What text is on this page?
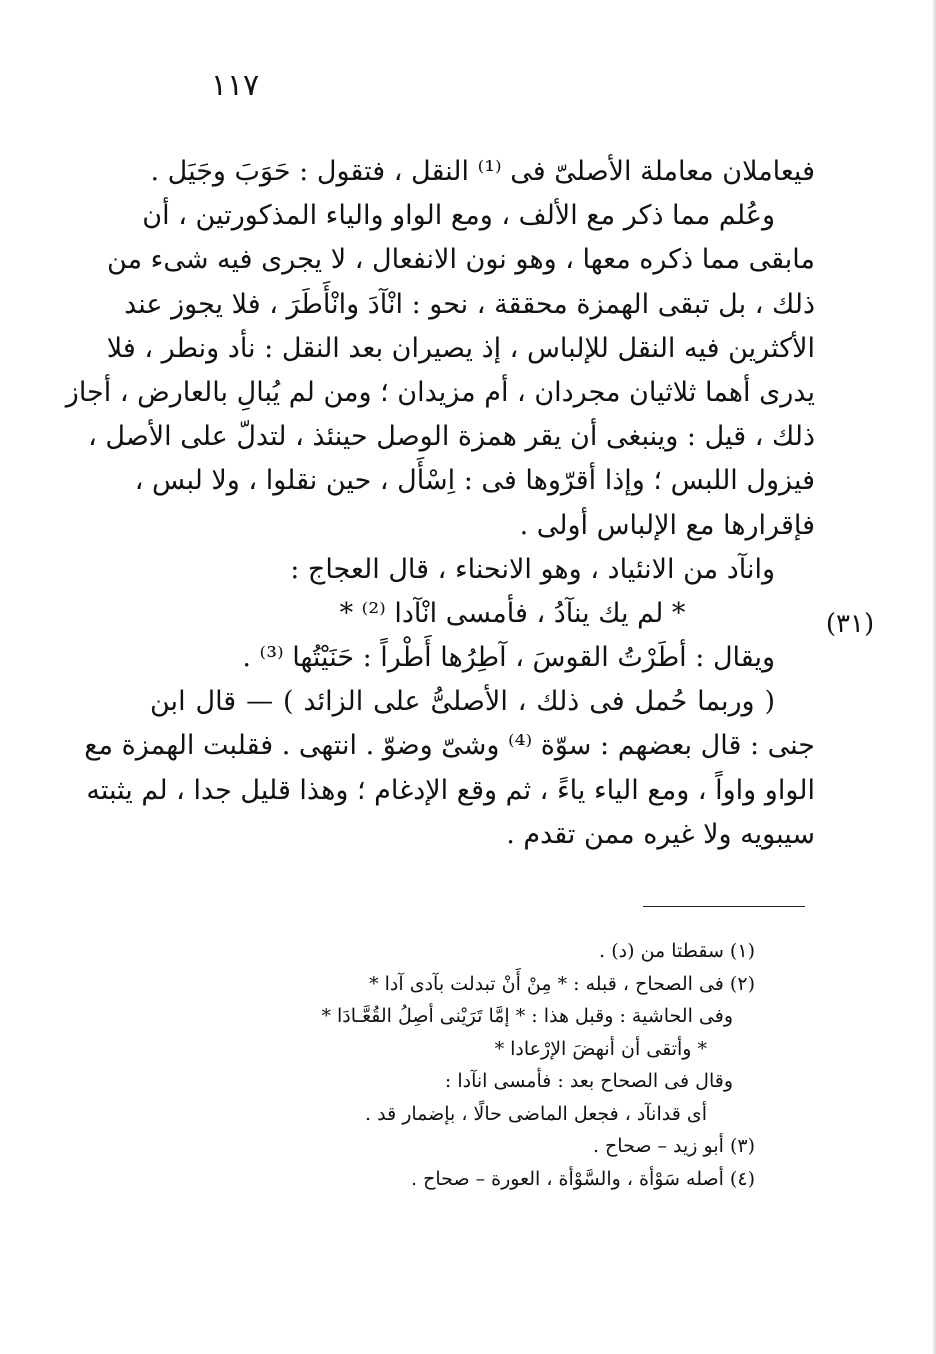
١١٧
فيعاملان معاملة الأصلىّ فى ⁽¹⁾ النقل ، فتقول : حَوَبَ وجَيَل .
وعُلم مما ذكر مع الألف ، ومع الواو والياء المذكورتين ، أن
مابقى مما ذكره معها ، وهو نون الانفعال ، لا يجرى فيه شىء من
ذلك ، بل تبقى الهمزة محققة ، نحو : انْآدَ وانْأَطَرَ ، فلا يجوز عند
الأكثرين فيه النقل للإلباس ، إذ يصيران بعد النقل : نأد ونطر ، فلا
يدرى أهما ثلاثيان مجردان ، أم مزيدان ؛ ومن لم يُبالِ بالعارض ، أجاز
ذلك ، قيل : وينبغى أن يقر همزة الوصل حينئذ ، لتدلّ على الأصل ،
فيزول اللبس ؛ وإذا أقرّوها فى : اِسْأَل ، حين نقلوا ، ولا لبس ،
فإقرارها مع الإلباس أولى .
وانآد من الانئياد ، وهو الانحناء ، قال العجاج :
* لم يك ينآدُ ، فأمسى انْآدا ⁽²⁾ *
ويقال : أطَرْتُ القوسَ ، آطِرُها أَطْراً : حَنَيْتُها ⁽³⁾ .
( وربما حُمل فى ذلك ، الأصلىُّ على الزائد ) — قال ابن
جنى : قال بعضهم : سوّة ⁽⁴⁾ وشىّ وضوّ . انتهى . فقلبت الهمزة مع
الواو واواً ، ومع الياء ياءً ، ثم وقع الإدغام ؛ وهذا قليل جدا ، لم يثبته
سيبويه ولا غيره ممن تقدم .
(٣١)
(١) سقطتا من (د) .
(٢) فى الصحاح ، قبله : * مِنْ أَنْ تبدلت بآدى آدا *
وفى الحاشية : وقبل هذا : * إمَّا تَرَيْنى أصِلُ القُعَّـادَا *
* وأتقى أن أنهضَ الإرْعادا *
وقال فى الصحاح بعد : فأمسى انآدا :
أى قدانآد ، فجعل الماضى حالًا ، بإضمار قد .
(٣) أبو زيد – صحاح .
(٤) أصله سَوْأة ، والسَّوْأة ، العورة – صحاح .
